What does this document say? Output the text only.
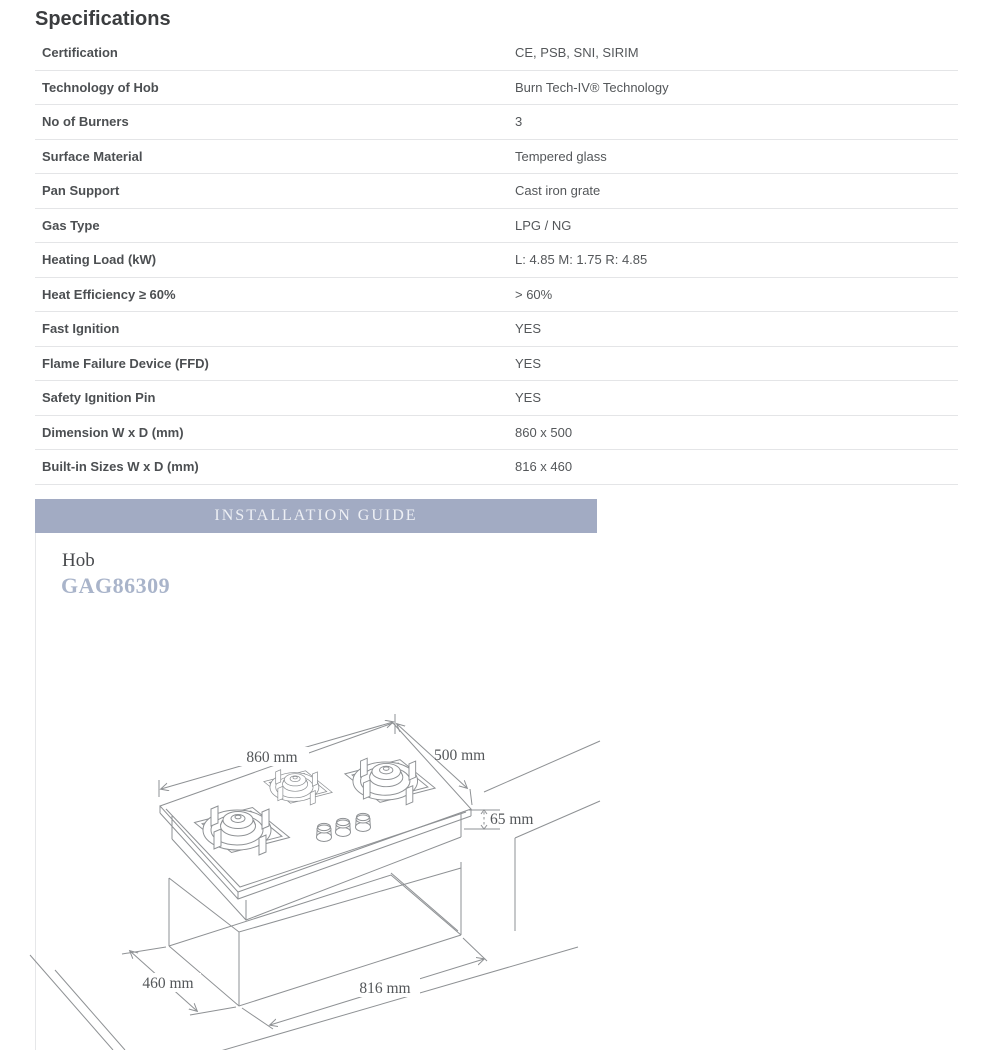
Specifications
Certification	CE, PSB, SNI, SIRIM
Technology of Hob	Burn Tech-IV® Technology
No of Burners	3
Surface Material	Tempered glass
Pan Support	Cast iron grate
Gas Type	LPG / NG
Heating Load (kW)	L: 4.85 M: 1.75 R: 4.85
Heat Efficiency ≥ 60%	> 60%
Fast Ignition	YES
Flame Failure Device (FFD)	YES
Safety Ignition Pin	YES
Dimension W x D (mm)	860 x 500
Built-in Sizes W x D (mm)	816 x 460
INSTALLATION GUIDE
Hob
GAG86309
860 mm	500 mm
65 mm
460 mm	816 mm
